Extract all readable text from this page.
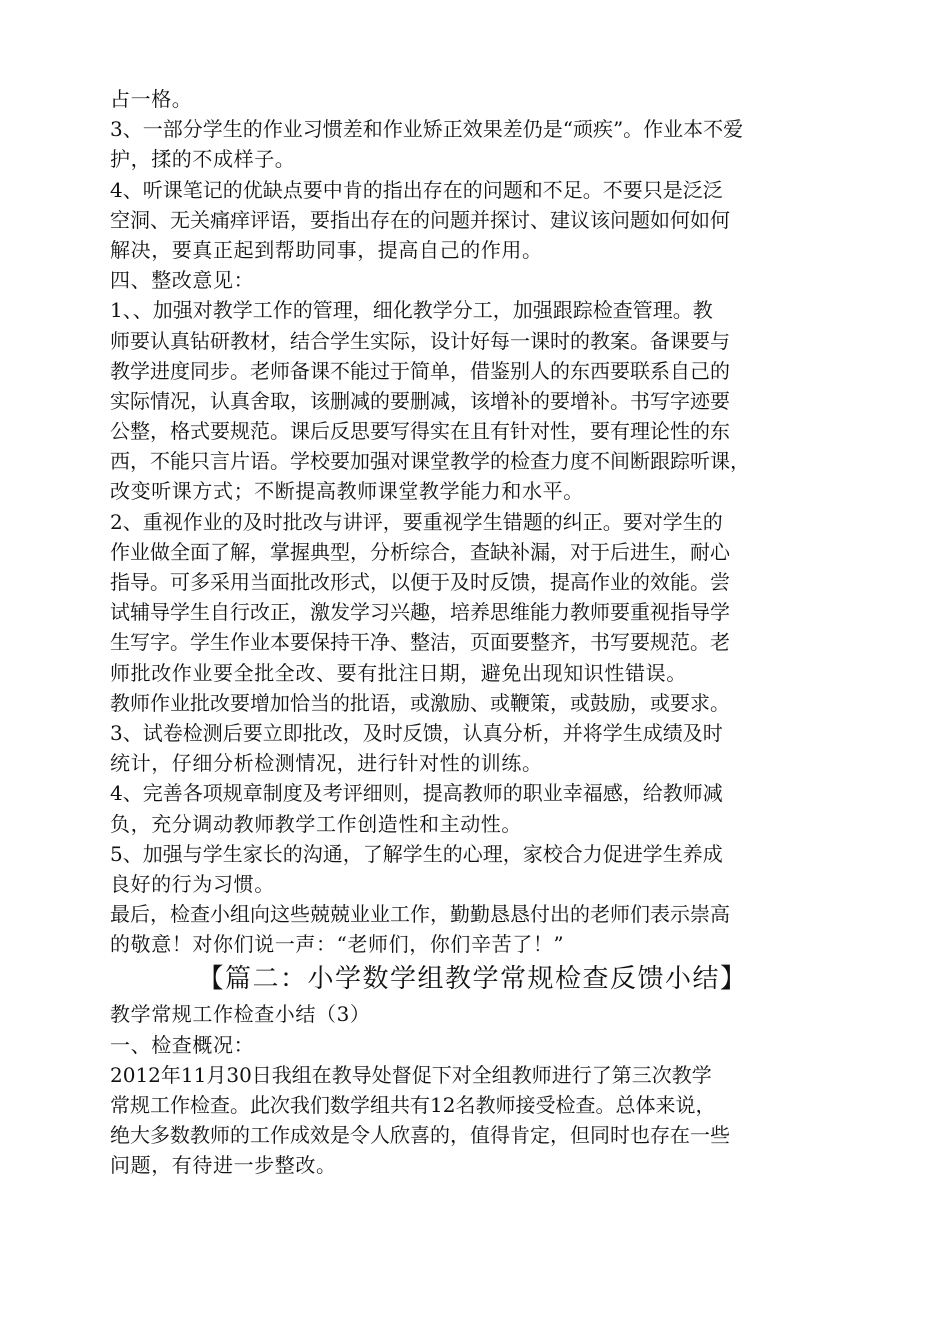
占一格。
3、一部分学生的作业习惯差和作业矫正效果差仍是“顽疾”。作业本不爱
护，揉的不成样子。
4、听课笔记的优缺点要中肯的指出存在的问题和不足。不要只是泛泛
空洞、无关痛痒评语，要指出存在的问题并探讨、建议该问题如何如何
解决，要真正起到帮助同事，提高自己的作用。
四、整改意见：
1、、加强对教学工作的管理，细化教学分工，加强跟踪检查管理。教
师要认真钻研教材，结合学生实际，设计好每一课时的教案。备课要与
教学进度同步。老师备课不能过于简单，借鉴别人的东西要联系自己的
实际情况，认真舍取，该删减的要删减，该增补的要增补。书写字迹要
公整，格式要规范。课后反思要写得实在且有针对性，要有理论性的东
西，不能只言片语。学校要加强对课堂教学的检查力度不间断跟踪听课，
改变听课方式；不断提高教师课堂教学能力和水平。
2、重视作业的及时批改与讲评，要重视学生错题的纠正。要对学生的
作业做全面了解，掌握典型，分析综合，查缺补漏，对于后进生，耐心
指导。可多采用当面批改形式，以便于及时反馈，提高作业的效能。尝
试辅导学生自行改正，激发学习兴趣，培养思维能力教师要重视指导学
生写字。学生作业本要保持干净、整洁，页面要整齐，书写要规范。老
师批改作业要全批全改、要有批注日期，避免出现知识性错误。
教师作业批改要增加恰当的批语，或激励、或鞭策，或鼓励，或要求。
3、试卷检测后要立即批改，及时反馈，认真分析，并将学生成绩及时
统计，仔细分析检测情况，进行针对性的训练。
4、完善各项规章制度及考评细则，提高教师的职业幸福感，给教师减
负，充分调动教师教学工作创造性和主动性。
5、加强与学生家长的沟通，了解学生的心理，家校合力促进学生养成
良好的行为习惯。
最后，检查小组向这些兢兢业业工作，勤勤恳恳付出的老师们表示崇高
的敬意！对你们说一声：“老师们，你们辛苦了！”
【篇二：小学数学组教学常规检查反馈小结】
教学常规工作检查小结（3）
一、检查概况：
2012年11月30日我组在教导处督促下对全组教师进行了第三次教学
常规工作检查。此次我们数学组共有12名教师接受检查。总体来说，
绝大多数教师的工作成效是令人欣喜的，值得肯定，但同时也存在一些
问题，有待进一步整改。
